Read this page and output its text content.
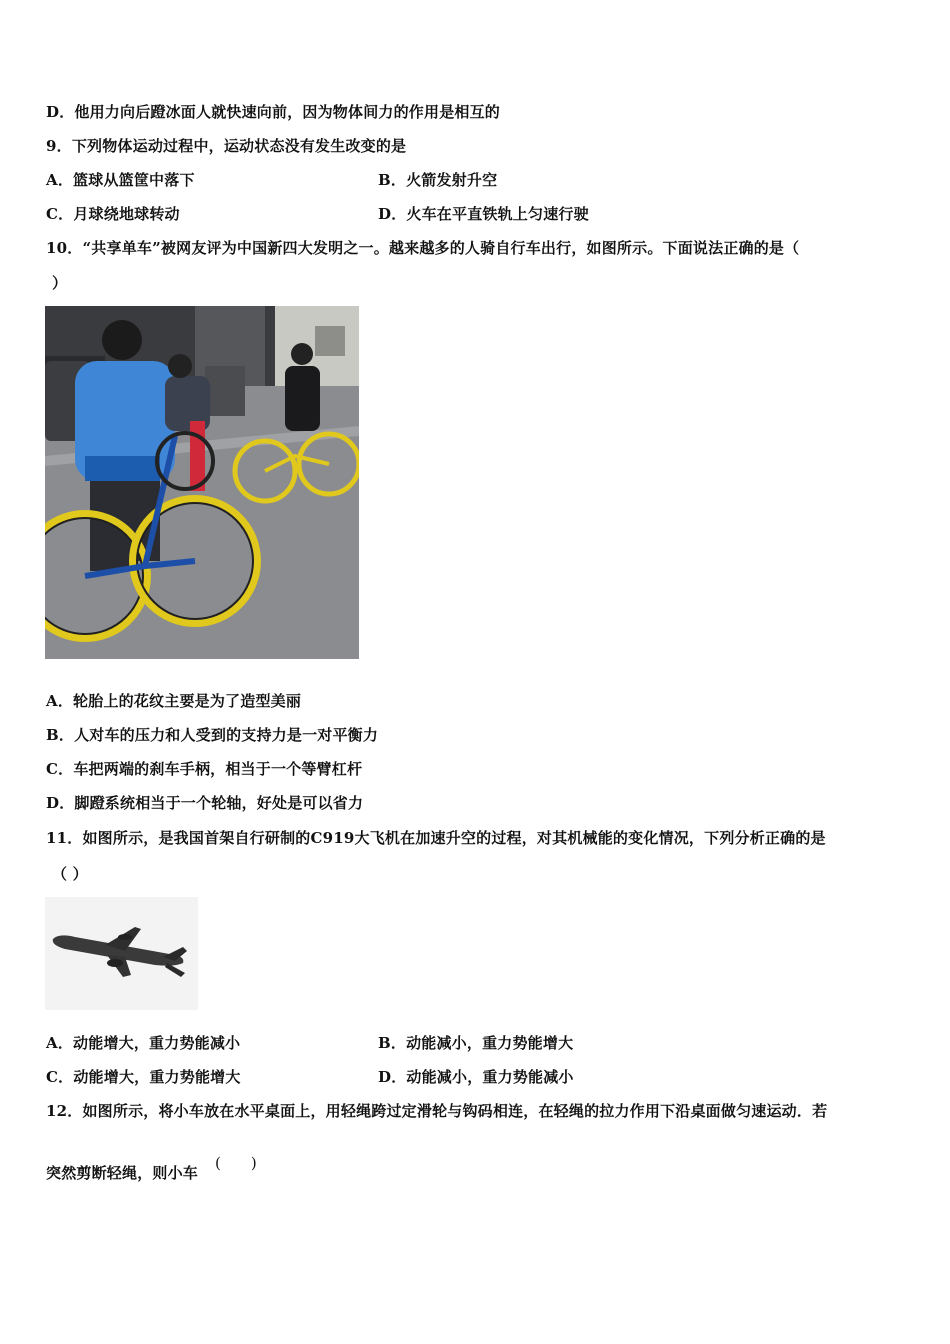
D．他用力向后蹬冰面人就快速向前，因为物体间力的作用是相互的
9．下列物体运动过程中，运动状态没有发生改变的是
A．篮球从篮筐中落下	B．火箭发射升空
C．月球绕地球转动	D．火车在平直铁轨上匀速行驶
10．“共享单车”被网友评为中国新四大发明之一。越来越多的人骑自行车出行，如图所示。下面说法正确的是（
）
A．轮胎上的花纹主要是为了造型美丽
B．人对车的压力和人受到的支持力是一对平衡力
C．车把两端的刹车手柄，相当于一个等臂杠杆
D．脚蹬系统相当于一个轮轴，好处是可以省力
11．如图所示，是我国首架自行研制的C919大飞机在加速升空的过程，对其机械能的变化情况，下列分析正确的是
（ ）
A．动能增大，重力势能减小	B．动能减小，重力势能增大
C．动能增大，重力势能增大	D．动能减小，重力势能减小
12．如图所示，将小车放在水平桌面上，用轻绳跨过定滑轮与钩码相连，在轻绳的拉力作用下沿桌面做匀速运动．若
突然剪断轻绳，则小车
(　　)
